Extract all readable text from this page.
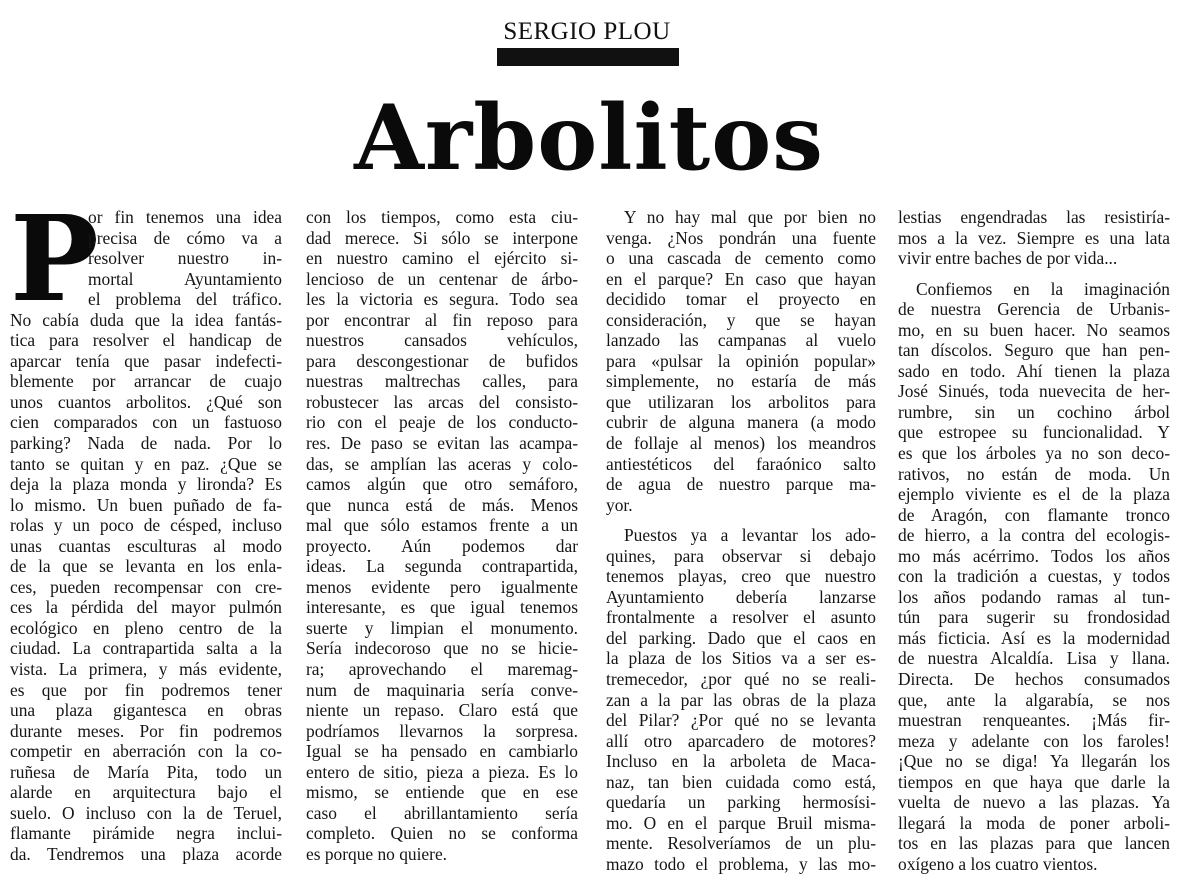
SERGIO PLOU
Arbolitos
P
or fin tenemos una idea
precisa de cómo va a
resolver nuestro in-
mortal Ayuntamiento
el problema del tráfico.
No cabía duda que la idea fantás-
tica para resolver el handicap de
aparcar tenía que pasar indefecti-
blemente por arrancar de cuajo
unos cuantos arbolitos. ¿Qué son
cien comparados con un fastuoso
parking? Nada de nada. Por lo
tanto se quitan y en paz. ¿Que se
deja la plaza monda y lironda? Es
lo mismo. Un buen puñado de fa-
rolas y un poco de césped, incluso
unas cuantas esculturas al modo
de la que se levanta en los enla-
ces, pueden recompensar con cre-
ces la pérdida del mayor pulmón
ecológico en pleno centro de la
ciudad. La contrapartida salta a la
vista. La primera, y más evidente,
es que por fin podremos tener
una plaza gigantesca en obras
durante meses. Por fin podremos
competir en aberración con la co-
ruñesa de María Pita, todo un
alarde en arquitectura bajo el
suelo. O incluso con la de Teruel,
flamante pirámide negra inclui-
da. Tendremos una plaza acorde
con los tiempos, como esta ciu-
dad merece. Si sólo se interpone
en nuestro camino el ejército si-
lencioso de un centenar de árbo-
les la victoria es segura. Todo sea
por encontrar al fin reposo para
nuestros cansados vehículos,
para descongestionar de bufidos
nuestras maltrechas calles, para
robustecer las arcas del consisto-
rio con el peaje de los conducto-
res. De paso se evitan las acampa-
das, se amplían las aceras y colo-
camos algún que otro semáforo,
que nunca está de más. Menos
mal que sólo estamos frente a un
proyecto. Aún podemos dar
ideas. La segunda contrapartida,
menos evidente pero igualmente
interesante, es que igual tenemos
suerte y limpian el monumento.
Sería indecoroso que no se hicie-
ra; aprovechando el maremag-
num de maquinaria sería conve-
niente un repaso. Claro está que
podríamos llevarnos la sorpresa.
Igual se ha pensado en cambiarlo
entero de sitio, pieza a pieza. Es lo
mismo, se entiende que en ese
caso el abrillantamiento sería
completo. Quien no se conforma
es porque no quiere.
Y no hay mal que por bien no
venga. ¿Nos pondrán una fuente
o una cascada de cemento como
en el parque? En caso que hayan
decidido tomar el proyecto en
consideración, y que se hayan
lanzado las campanas al vuelo
para «pulsar la opinión popular»
simplemente, no estaría de más
que utilizaran los arbolitos para
cubrir de alguna manera (a modo
de follaje al menos) los meandros
antiestéticos del faraónico salto
de agua de nuestro parque ma-
yor.
Puestos ya a levantar los ado-
quines, para observar si debajo
tenemos playas, creo que nuestro
Ayuntamiento debería lanzarse
frontalmente a resolver el asunto
del parking. Dado que el caos en
la plaza de los Sitios va a ser es-
tremecedor, ¿por qué no se reali-
zan a la par las obras de la plaza
del Pilar? ¿Por qué no se levanta
allí otro aparcadero de motores?
Incluso en la arboleta de Maca-
naz, tan bien cuidada como está,
quedaría un parking hermosísi-
mo. O en el parque Bruil misma-
mente. Resolveríamos de un plu-
mazo todo el problema, y las mo-
lestias engendradas las resistiría-
mos a la vez. Siempre es una lata
vivir entre baches de por vida...
Confiemos en la imaginación
de nuestra Gerencia de Urbanis-
mo, en su buen hacer. No seamos
tan díscolos. Seguro que han pen-
sado en todo. Ahí tienen la plaza
José Sinués, toda nuevecita de her-
rumbre, sin un cochino árbol
que estropee su funcionalidad. Y
es que los árboles ya no son deco-
rativos, no están de moda. Un
ejemplo viviente es el de la plaza
de Aragón, con flamante tronco
de hierro, a la contra del ecologis-
mo más acérrimo. Todos los años
con la tradición a cuestas, y todos
los años podando ramas al tun-
tún para sugerir su frondosidad
más ficticia. Así es la modernidad
de nuestra Alcaldía. Lisa y llana.
Directa. De hechos consumados
que, ante la algarabía, se nos
muestran renqueantes. ¡Más fir-
meza y adelante con los faroles!
¡Que no se diga! Ya llegarán los
tiempos en que haya que darle la
vuelta de nuevo a las plazas. Ya
llegará la moda de poner arboli-
tos en las plazas para que lancen
oxígeno a los cuatro vientos.
